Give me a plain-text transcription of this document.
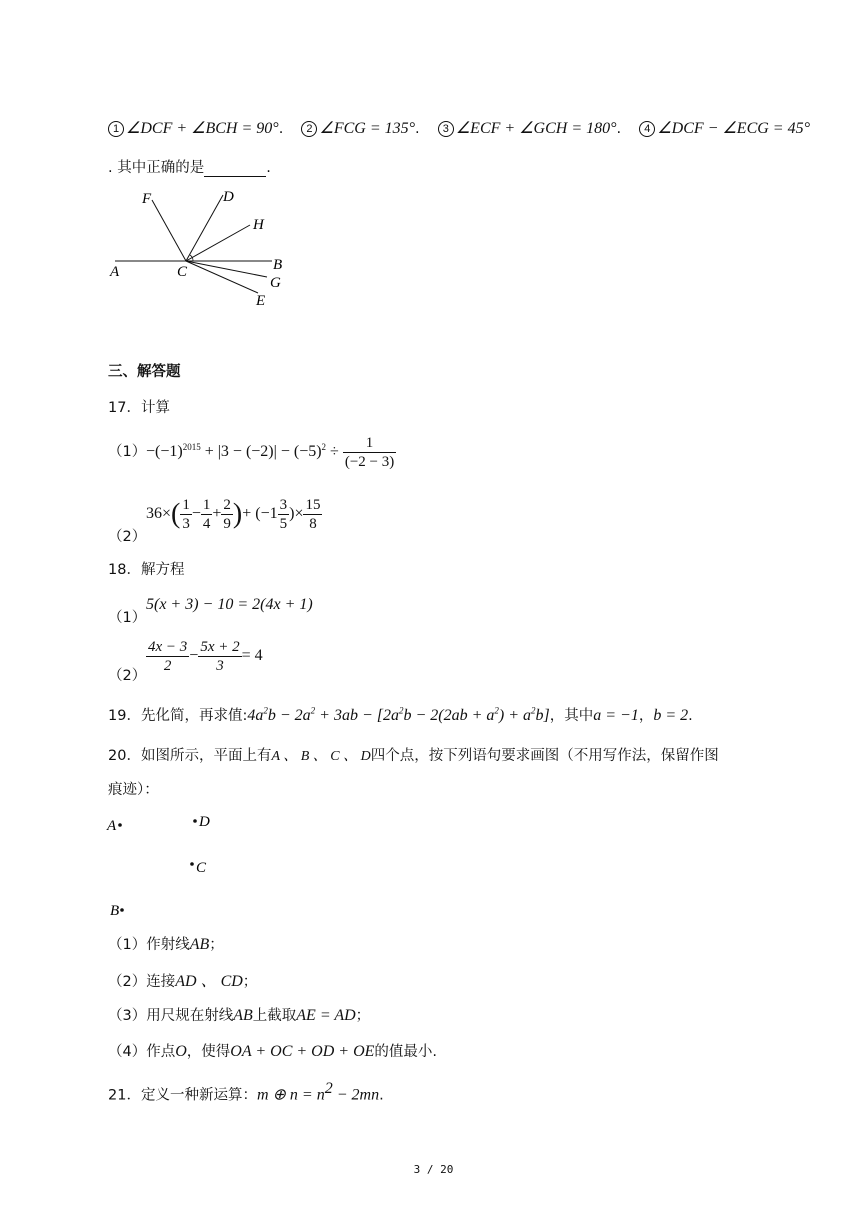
1 ∠DCF + ∠BCH = 90°. 2 ∠FCG = 135°. 3 ∠ECF + ∠GCH = 180°. 4 ∠DCF − ∠ECG = 45°
. 其中正确的是	.
F	D
H
A	C	B
G
E
三、解答题
17．计算
$(1) -(-1)^{2015} + |3 - (-2)| - (-5)^2 \div \frac{1}{(-2 - 3)}$
（2）
$36\times( \frac{1}{3} - \frac{1}{4} + \frac{2}{9}$ )+ ($-1 \frac{3}{5}$ )× $\frac{15}{8}$
18．解方程
（1）
5(x + 3) − 10 = 2(4x + 1)
（2）
$\frac{4x - 3}{2} - \frac{5x + 2}{3} = 4$
19．先化简，再求值$:4a^2b - 2a^2 + 3ab - [2a^2b - 2(2ab + a^2) + a^2b]$，其中a = −1，b = 2.
20．如图所示，平面上有A 、 B 、 C 、 D四个点，按下列语句要求画图（不用写作法，保留作图
痕迹）：
A	D
C
B
（1）作射线AB；
（2）连接AD 、 CD；
（3）用尺规在射线AB上截取AE = AD；
（4）作点O，使得OA + OC + OD + OE的值最小.
21．定义一种新运算：m ⊕ $n = n^2 - 2mn$.
3 / 20
